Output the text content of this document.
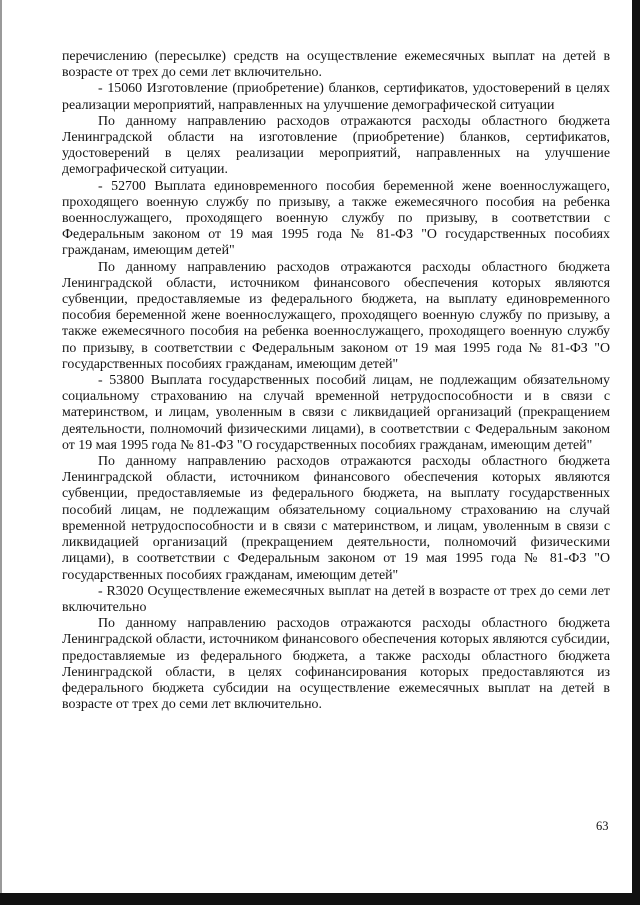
перечислению (пересылке) средств на осуществление ежемесячных выплат на детей в возрасте от трех до семи лет включительно.

- 15060 Изготовление (приобретение) бланков, сертификатов, удостоверений в целях реализации мероприятий, направленных на улучшение демографической ситуации

По данному направлению расходов отражаются расходы областного бюджета Ленинградской области на изготовление (приобретение) бланков, сертификатов, удостоверений в целях реализации мероприятий, направленных на улучшение демографической ситуации.

- 52700 Выплата единовременного пособия беременной жене военнослужащего, проходящего военную службу по призыву, а также ежемесячного пособия на ребенка военнослужащего, проходящего военную службу по призыву, в соответствии с Федеральным законом от 19 мая 1995 года № 81-ФЗ "О государственных пособиях гражданам, имеющим детей"

По данному направлению расходов отражаются расходы областного бюджета Ленинградской области, источником финансового обеспечения которых являются субвенции, предоставляемые из федерального бюджета, на выплату единовременного пособия беременной жене военнослужащего, проходящего военную службу по призыву, а также ежемесячного пособия на ребенка военнослужащего, проходящего военную службу по призыву, в соответствии с Федеральным законом от 19 мая 1995 года № 81-ФЗ "О государственных пособиях гражданам, имеющим детей"

- 53800 Выплата государственных пособий лицам, не подлежащим обязательному социальному страхованию на случай временной нетрудоспособности и в связи с материнством, и лицам, уволенным в связи с ликвидацией организаций (прекращением деятельности, полномочий физическими лицами), в соответствии с Федеральным законом от 19 мая 1995 года № 81-ФЗ "О государственных пособиях гражданам, имеющим детей"

По данному направлению расходов отражаются расходы областного бюджета Ленинградской области, источником финансового обеспечения которых являются субвенции, предоставляемые из федерального бюджета, на выплату государственных пособий лицам, не подлежащим обязательному социальному страхованию на случай временной нетрудоспособности и в связи с материнством, и лицам, уволенным в связи с ликвидацией организаций (прекращением деятельности, полномочий физическими лицами), в соответствии с Федеральным законом от 19 мая 1995 года № 81-ФЗ "О государственных пособиях гражданам, имеющим детей"

- R3020 Осуществление ежемесячных выплат на детей в возрасте от трех до семи лет включительно

По данному направлению расходов отражаются расходы областного бюджета Ленинградской области, источником финансового обеспечения которых являются субсидии, предоставляемые из федерального бюджета, а также расходы областного бюджета Ленинградской области, в целях софинансирования которых предоставляются из федерального бюджета субсидии на осуществление ежемесячных выплат на детей в возрасте от трех до семи лет включительно.

63
